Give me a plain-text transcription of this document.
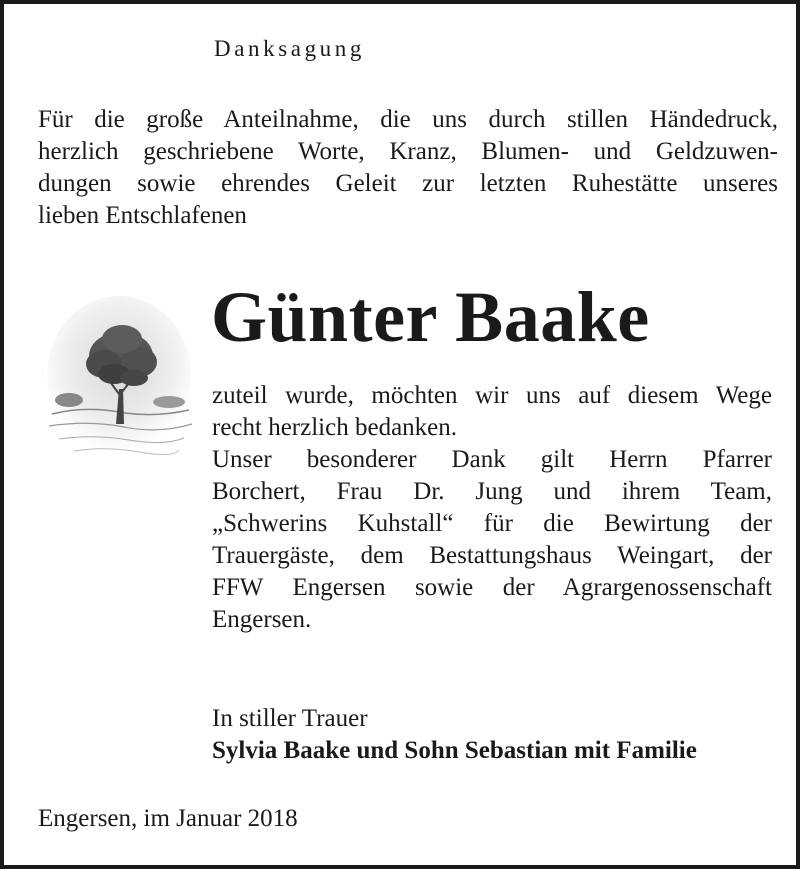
Danksagung

Für die große Anteilnahme, die uns durch stillen Händedruck,
herzlich geschriebene Worte, Kranz, Blumen- und Geldzuwen-
dungen sowie ehrendes Geleit zur letzten Ruhestätte unseres
lieben Entschlafenen

Günter Baake

zuteil wurde, möchten wir uns auf diesem Wege
recht herzlich bedanken.
Unser besonderer Dank gilt Herrn Pfarrer
Borchert, Frau Dr. Jung und ihrem Team,
„Schwerins Kuhstall“ für die Bewirtung der
Trauergäste, dem Bestattungshaus Weingart, der
FFW Engersen sowie der Agrargenossenschaft
Engersen.

In stiller Trauer

Sylvia Baake und Sohn Sebastian mit Familie

Engersen, im Januar 2018
